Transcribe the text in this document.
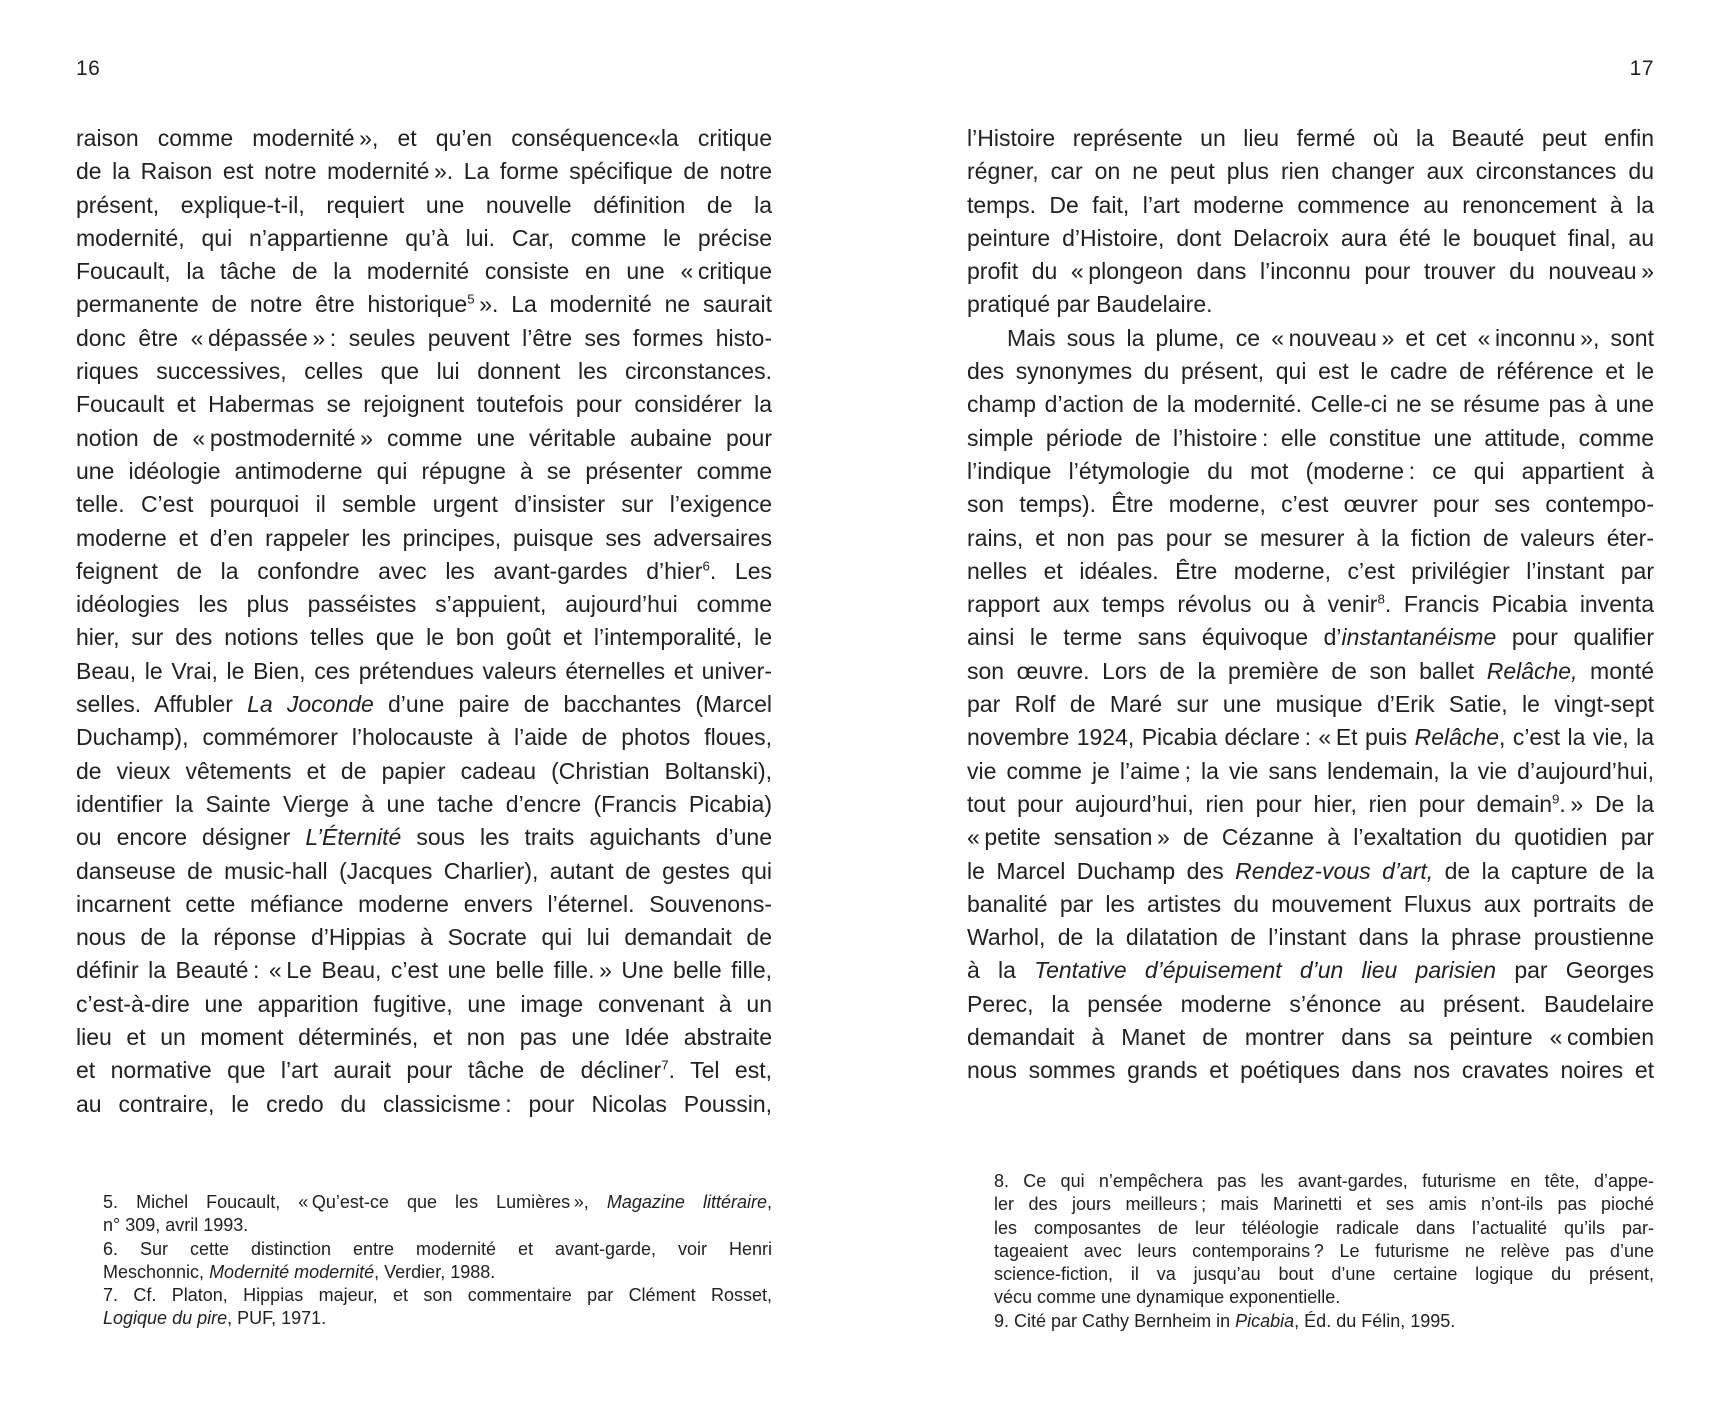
16
raison comme modernité », et qu’en conséquence«la critique
de la Raison est notre modernité ». La forme spécifique de notre
présent, explique-t-il, requiert une nouvelle définition de la
modernité, qui n’appartienne qu’à lui. Car, comme le précise
Foucault, la tâche de la modernité consiste en une « critique
permanente de notre être historique$^5$ ». La modernité ne saurait
donc être « dépassée » : seules peuvent l’être ses formes histo-
riques successives, celles que lui donnent les circonstances.
Foucault et Habermas se rejoignent toutefois pour considérer la
notion de « postmodernité » comme une véritable aubaine pour
une idéologie antimoderne qui répugne à se présenter comme
telle. C’est pourquoi il semble urgent d’insister sur l’exigence
moderne et d’en rappeler les principes, puisque ses adversaires
feignent de la confondre avec les avant-gardes d’hier$^6$. Les
idéologies les plus passéistes s’appuient, aujourd’hui comme
hier, sur des notions telles que le bon goût et l’intemporalité, le
Beau, le Vrai, le Bien, ces prétendues valeurs éternelles et univer-
selles. Affubler La Joconde d’une paire de bacchantes (Marcel
Duchamp), commémorer l’holocauste à l’aide de photos floues,
de vieux vêtements et de papier cadeau (Christian Boltanski),
identifier la Sainte Vierge à une tache d’encre (Francis Picabia)
ou encore désigner L’Éternité sous les traits aguichants d’une
danseuse de music-hall (Jacques Charlier), autant de gestes qui
incarnent cette méfiance moderne envers l’éternel. Souvenons-
nous de la réponse d’Hippias à Socrate qui lui demandait de
définir la Beauté : « Le Beau, c’est une belle fille. » Une belle fille,
c’est-à-dire une apparition fugitive, une image convenant à un
lieu et un moment déterminés, et non pas une Idée abstraite
et normative que l’art aurait pour tâche de décliner$^7$. Tel est,
au contraire, le credo du classicisme : pour Nicolas Poussin,
5. Michel Foucault, « Qu’est-ce que les Lumières », Magazine littéraire,
n° 309, avril 1993.
6. Sur cette distinction entre modernité et avant-garde, voir Henri
Meschonnic, Modernité modernité, Verdier, 1988.
7. Cf. Platon, Hippias majeur, et son commentaire par Clément Rosset,
Logique du pire, PUF, 1971.
17
l’Histoire représente un lieu fermé où la Beauté peut enfin
régner, car on ne peut plus rien changer aux circonstances du
temps. De fait, l’art moderne commence au renoncement à la
peinture d’Histoire, dont Delacroix aura été le bouquet final, au
profit du « plongeon dans l’inconnu pour trouver du nouveau »
pratiqué par Baudelaire.
Mais sous la plume, ce « nouveau » et cet « inconnu », sont
des synonymes du présent, qui est le cadre de référence et le
champ d’action de la modernité. Celle-ci ne se résume pas à une
simple période de l’histoire : elle constitue une attitude, comme
l’indique l’étymologie du mot (moderne : ce qui appartient à
son temps). Être moderne, c’est œuvrer pour ses contempo-
rains, et non pas pour se mesurer à la fiction de valeurs éter-
nelles et idéales. Être moderne, c’est privilégier l’instant par
rapport aux temps révolus ou à venir$^8$. Francis Picabia inventa
ainsi le terme sans équivoque d’instantanéisme pour qualifier
son œuvre. Lors de la première de son ballet Relâche, monté
par Rolf de Maré sur une musique d’Erik Satie, le vingt-sept
novembre 1924, Picabia déclare : « Et puis Relâche, c’est la vie, la
vie comme je l’aime ; la vie sans lendemain, la vie d’aujourd’hui,
tout pour aujourd’hui, rien pour hier, rien pour demain$^9$. » De la
« petite sensation » de Cézanne à l’exaltation du quotidien par
le Marcel Duchamp des Rendez-vous d’art, de la capture de la
banalité par les artistes du mouvement Fluxus aux portraits de
Warhol, de la dilatation de l’instant dans la phrase proustienne
à la Tentative d’épuisement d’un lieu parisien par Georges
Perec, la pensée moderne s’énonce au présent. Baudelaire
demandait à Manet de montrer dans sa peinture « combien
nous sommes grands et poétiques dans nos cravates noires et
8. Ce qui n’empêchera pas les avant-gardes, futurisme en tête, d’appe-
ler des jours meilleurs ; mais Marinetti et ses amis n’ont-ils pas pioché
les composantes de leur téléologie radicale dans l’actualité qu’ils par-
tageaient avec leurs contemporains ? Le futurisme ne relève pas d’une
science-fiction, il va jusqu’au bout d’une certaine logique du présent,
vécu comme une dynamique exponentielle.
9. Cité par Cathy Bernheim in Picabia, Éd. du Félin, 1995.
